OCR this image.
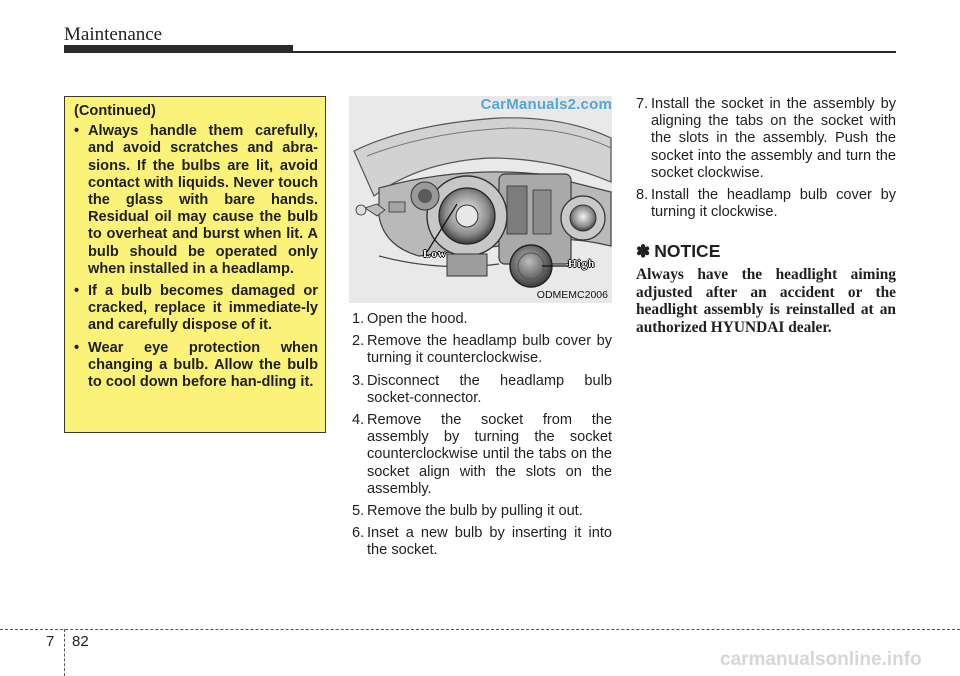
Maintenance
(Continued)
• Always handle them carefully, and avoid scratches and abra-sions. If the bulbs are lit, avoid contact with liquids. Never touch the glass with bare hands. Residual oil may cause the bulb to overheat and burst when lit. A bulb should be operated only when installed in a headlamp.
• If a bulb becomes damaged or cracked, replace it immediate-ly and carefully dispose of it.
• Wear eye protection when changing a bulb. Allow the bulb to cool down before han-dling it.
CarManuals2.com
Low
High
ODMEMC2006
1. Open the hood.
2. Remove the headlamp bulb cover by turning it counterclockwise.
3. Disconnect the headlamp bulb socket-connector.
4. Remove the socket from the assembly by turning the socket counterclockwise until the tabs on the socket align with the slots on the assembly.
5. Remove the bulb by pulling it out.
6. Inset a new bulb by inserting it into the socket.
7. Install the socket in the assembly by aligning the tabs on the socket with the slots in the assembly. Push the socket into the assembly and turn the socket clockwise.
8. Install the headlamp bulb cover by turning it clockwise.
✽ NOTICE
Always have the headlight aiming adjusted after an accident or the headlight assembly is reinstalled at an authorized HYUNDAI dealer.
7 82
carmanualsonline.info
